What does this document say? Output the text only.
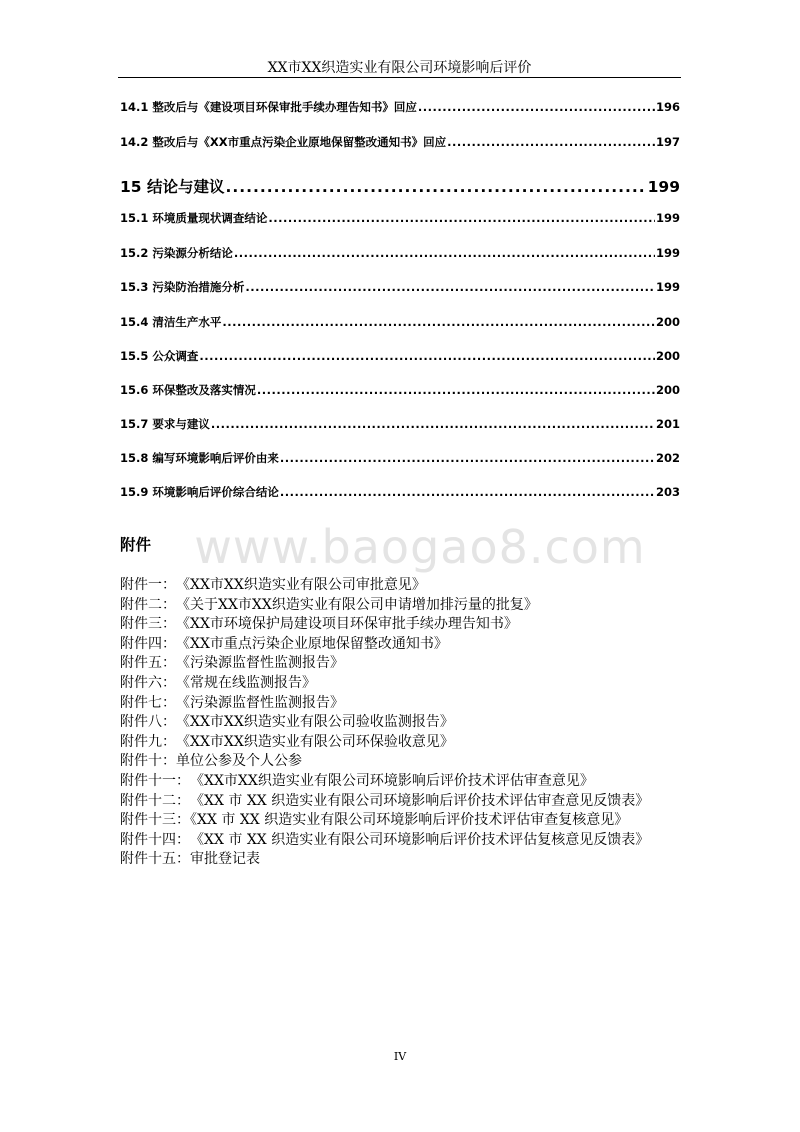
XX市XX织造实业有限公司环境影响后评价
14.1 整改后与《建设项目环保审批手续办理告知书》回应 .....	196
14.2 整改后与《XX市重点污染企业原地保留整改通知书》回应 .....	197
15 结论与建议 .....	199
15.1 环境质量现状调查结论 .....	199
15.2 污染源分析结论 .....	199
15.3 污染防治措施分析 .....	199
15.4 清洁生产水平 .....	200
15.5 公众调查 .....	200
15.6 环保整改及落实情况 .....	200
15.7 要求与建议 .....	201
15.8 编写环境影响后评价由来 .....	202
15.9 环境影响后评价综合结论 .....	203
www.baogao8.com
附件
附件一： 《XX市XX织造实业有限公司审批意见》
附件二： 《关于XX市XX织造实业有限公司申请增加排污量的批复》
附件三： 《XX市环境保护局建设项目环保审批手续办理告知书》
附件四： 《XX市重点污染企业原地保留整改通知书》
附件五： 《污染源监督性监测报告》
附件六： 《常规在线监测报告》
附件七： 《污染源监督性监测报告》
附件八： 《XX市XX织造实业有限公司验收监测报告》
附件九： 《XX市XX织造实业有限公司环保验收意见》
附件十： 单位公参及个人公参
附件十一： 《XX市XX织造实业有限公司环境影响后评价技术评估审查意见》
附件十二： 《XX 市 XX 织造实业有限公司环境影响后评价技术评估审查意见反馈表》
附件十三：《XX 市 XX 织造实业有限公司环境影响后评价技术评估审查复核意见》
附件十四： 《XX 市 XX 织造实业有限公司环境影响后评价技术评估复核意见反馈表》
附件十五： 审批登记表
IV
